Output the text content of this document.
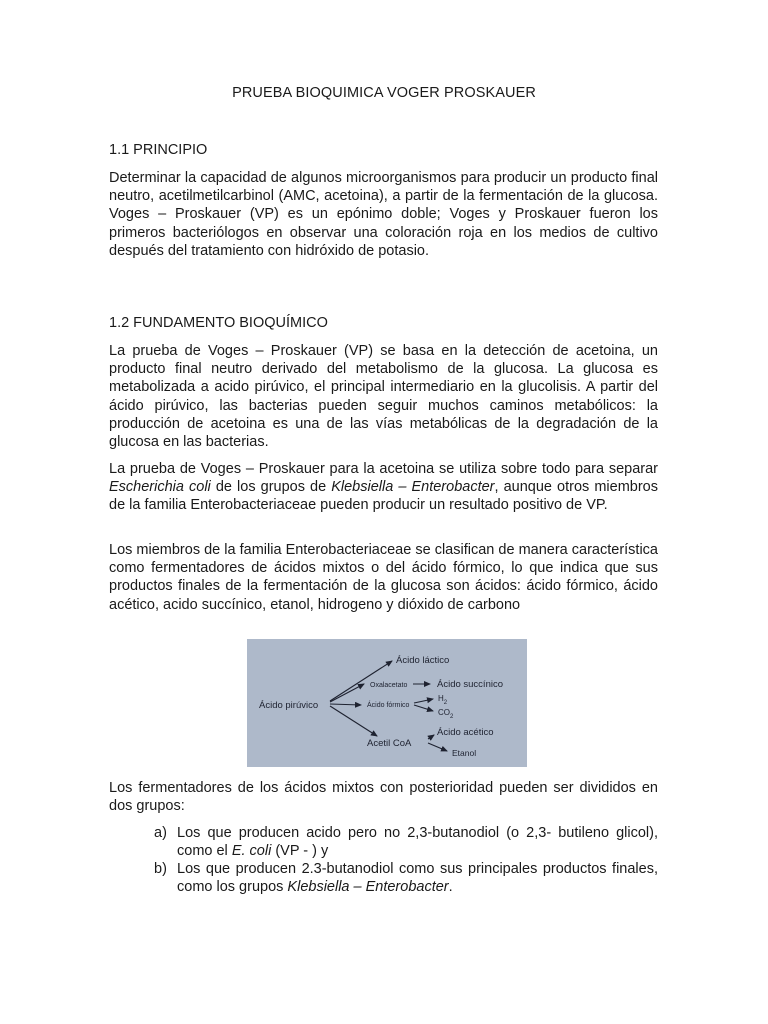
PRUEBA BIOQUIMICA VOGER PROSKAUER
1.1 PRINCIPIO

Determinar la capacidad de algunos microorganismos para producir un producto final neutro, acetilmetilcarbinol (AMC, acetoina), a partir de la fermentación de la glucosa. Voges – Proskauer (VP) es un epónimo doble; Voges y Proskauer fueron los primeros bacteriólogos en observar una coloración roja en los medios de cultivo después del tratamiento con hidróxido de potasio.

1.2 FUNDAMENTO BIOQUÍMICO

La prueba de Voges – Proskauer (VP) se basa en la detección de acetoina, un producto final neutro derivado del metabolismo de la glucosa. La glucosa es metabolizada a acido pirúvico, el principal intermediario en la glucolisis. A partir del ácido pirúvico, las bacterias pueden seguir muchos caminos metabólicos: la producción de acetoina es una de las vías metabólicas de la degradación de la glucosa en las bacterias.

La prueba de Voges – Proskauer para la acetoina se utiliza sobre todo para separar Escherichia coli de los grupos de Klebsiella – Enterobacter, aunque otros miembros de la familia Enterobacteriaceae pueden producir un resultado positivo de VP.

Los miembros de la familia Enterobacteriaceae se clasifican de manera característica como fermentadores de ácidos mixtos o del ácido fórmico, lo que indica que sus productos finales de la fermentación de la glucosa son ácidos: ácido fórmico, ácido acético, acido succínico, etanol, hidrogeno y dióxido de carbono

Ácido pirúvico
Ácido láctico
Oxalacetato	Ácido succínico
Ácido fórmico
$H_2$
$CO_2$
Acetil CoA
Ácido acético
Etanol

Los fermentadores de los ácidos mixtos con posterioridad pueden ser divididos en dos grupos:

a) Los que producen acido pero no 2,3-butanodiol (o 2,3- butileno glicol), como el E. coli (VP - ) y
b) Los que producen 2.3-butanodiol como sus principales productos finales, como los grupos Klebsiella – Enterobacter.
